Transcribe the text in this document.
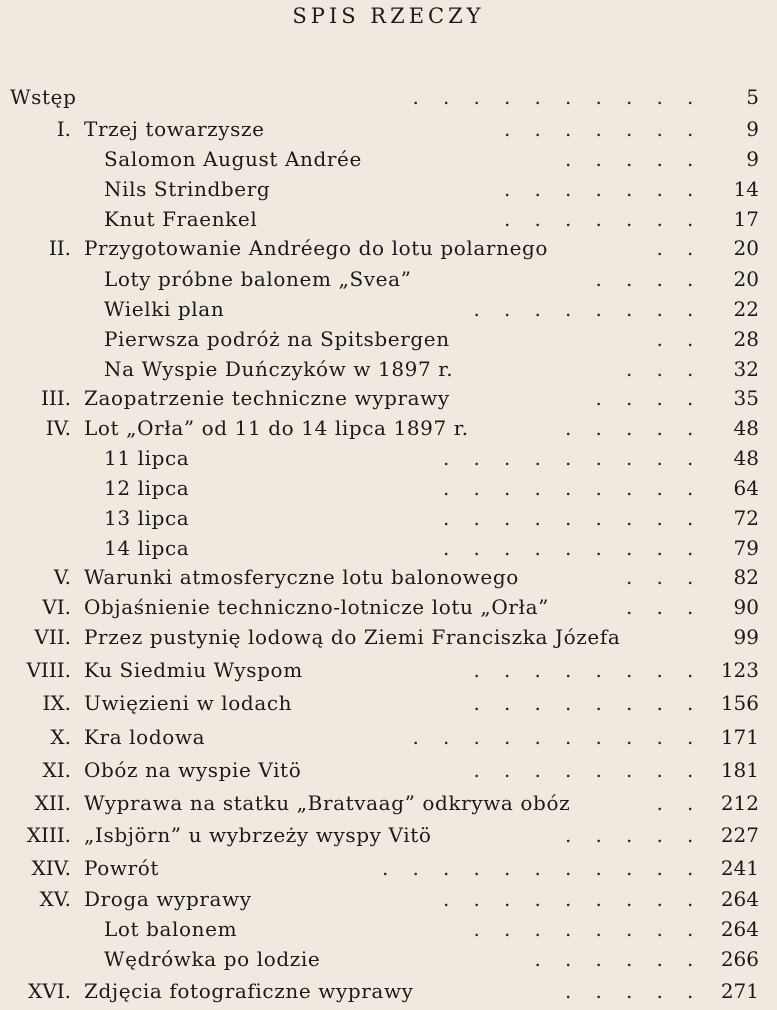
SPIS RZECZY
Wstęp	5
. . . . . . . . . .
I. Trzej towarzysze	9
. . . . . . .
Salomon August Andrée	9
. . . . .
Nils Strindberg	14
. . . . . . .
Knut Fraenkel	17
. . . . . . .
II. Przygotowanie Andréego do lotu polarnego	20
. .
Loty próbne balonem „Svea”	20
. . . .
Wielki plan	22
. . . . . . . .
Pierwsza podróż na Spitsbergen	28
. .
Na Wyspie Duńczyków w 1897 r.	32
. . .
III. Zaopatrzenie techniczne wyprawy	35
. . . .
IV. Lot „Orła” od 11 do 14 lipca 1897 r.	48
. . . . .
11 lipca	48
. . . . . . . . .
12 lipca	64
. . . . . . . . .
13 lipca	72
. . . . . . . . .
14 lipca	79
. . . . . . . . .
V. Warunki atmosferyczne lotu balonowego	82
. . .
VI. Objaśnienie techniczno-lotnicze lotu „Orła”	90
. . .
VII. Przez pustynię lodową do Ziemi Franciszka Józefa	99
VIII. Ku Siedmiu Wyspom	123
. . . . . . . .
IX. Uwięzieni w lodach	156
. . . . . . . .
X. Kra lodowa	171
. . . . . . . . . .
XI. Obóz na wyspie Vitö	181
. . . . . . . .
XII. Wyprawa na statku „Bratvaag” odkrywa obóz	212
. .
XIII. „Isbjörn” u wybrzeży wyspy Vitö	227
. . . . .
XIV. Powrót	241
. . . . . . . . . . .
XV. Droga wyprawy	264
. . . . . . . . .
Lot balonem	264
. . . . . . . .
Wędrówka po lodzie	266
. . . . . .
XVI. Zdjęcia fotograficzne wyprawy	271
. . . . .
